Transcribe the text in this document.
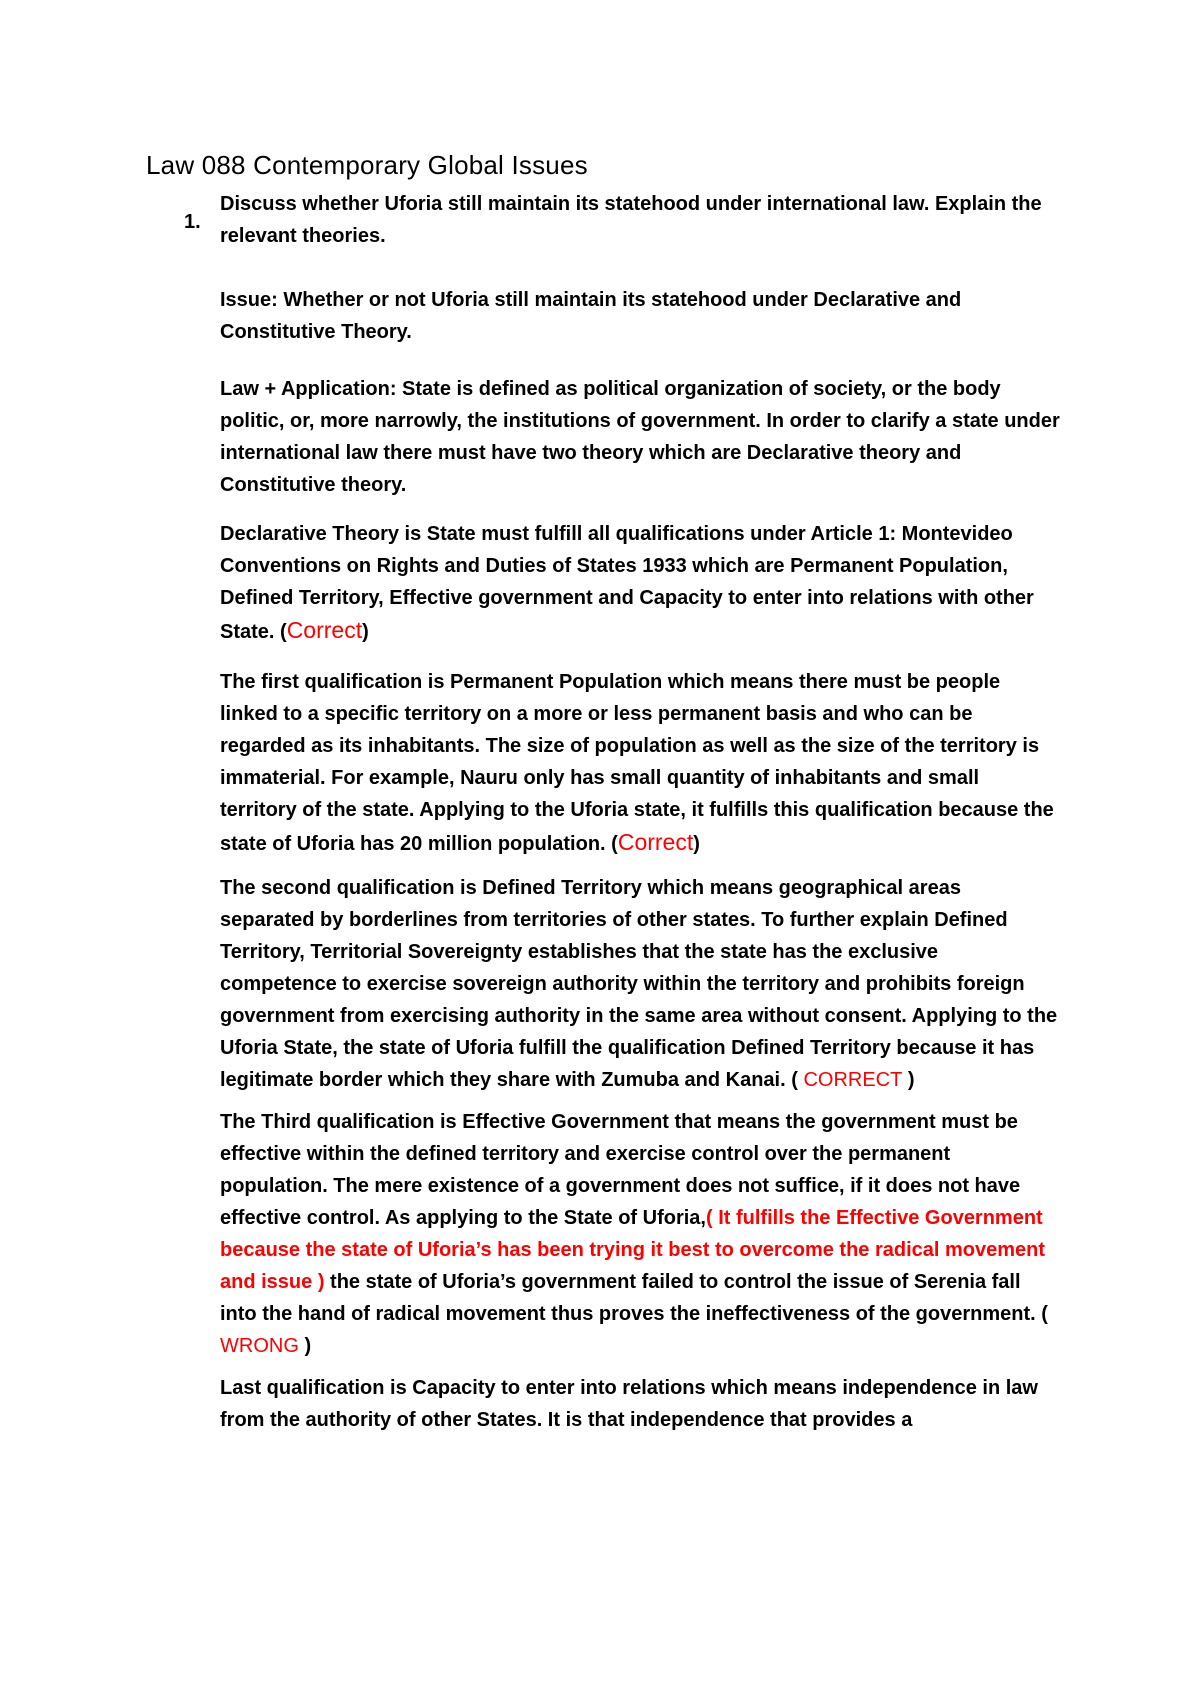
Law 088 Contemporary Global Issues
1.

Discuss whether Uforia still maintain its statehood under international law. Explain the relevant theories.

Issue: Whether or not Uforia still maintain its statehood under Declarative and Constitutive Theory.

Law + Application: State is defined as political organization of society, or the body politic, or, more narrowly, the institutions of government. In order to clarify a state under international law there must have two theory which are Declarative theory and Constitutive theory.

Declarative Theory is State must fulfill all qualifications under Article 1: Montevideo Conventions on Rights and Duties of States 1933 which are Permanent Population, Defined Territory, Effective government and Capacity to enter into relations with other State. (Correct)

The first qualification is Permanent Population which means there must be people linked to a specific territory on a more or less permanent basis and who can be regarded as its inhabitants. The size of population as well as the size of the territory is immaterial. For example, Nauru only has small quantity of inhabitants and small territory of the state. Applying to the Uforia state, it fulfills this qualification because the state of Uforia has 20 million population. (Correct)

The second qualification is Defined Territory which means geographical areas separated by borderlines from territories of other states. To further explain Defined Territory, Territorial Sovereignty establishes that the state has the exclusive competence to exercise sovereign authority within the territory and prohibits foreign government from exercising authority in the same area without consent. Applying to the Uforia State, the state of Uforia fulfill the qualification Defined Territory because it has legitimate border which they share with Zumuba and Kanai. ( CORRECT )

The Third qualification is Effective Government that means the government must be effective within the defined territory and exercise control over the permanent population. The mere existence of a government does not suffice, if it does not have effective control. As applying to the State of Uforia,( It fulfills the Effective Government because the state of Uforia’s has been trying it best to overcome the radical movement and issue ) the state of Uforia’s government failed to control the issue of Serenia fall into the hand of radical movement thus proves the ineffectiveness of the government. ( WRONG )

Last qualification is Capacity to enter into relations which means independence in law from the authority of other States. It is that independence that provides a
